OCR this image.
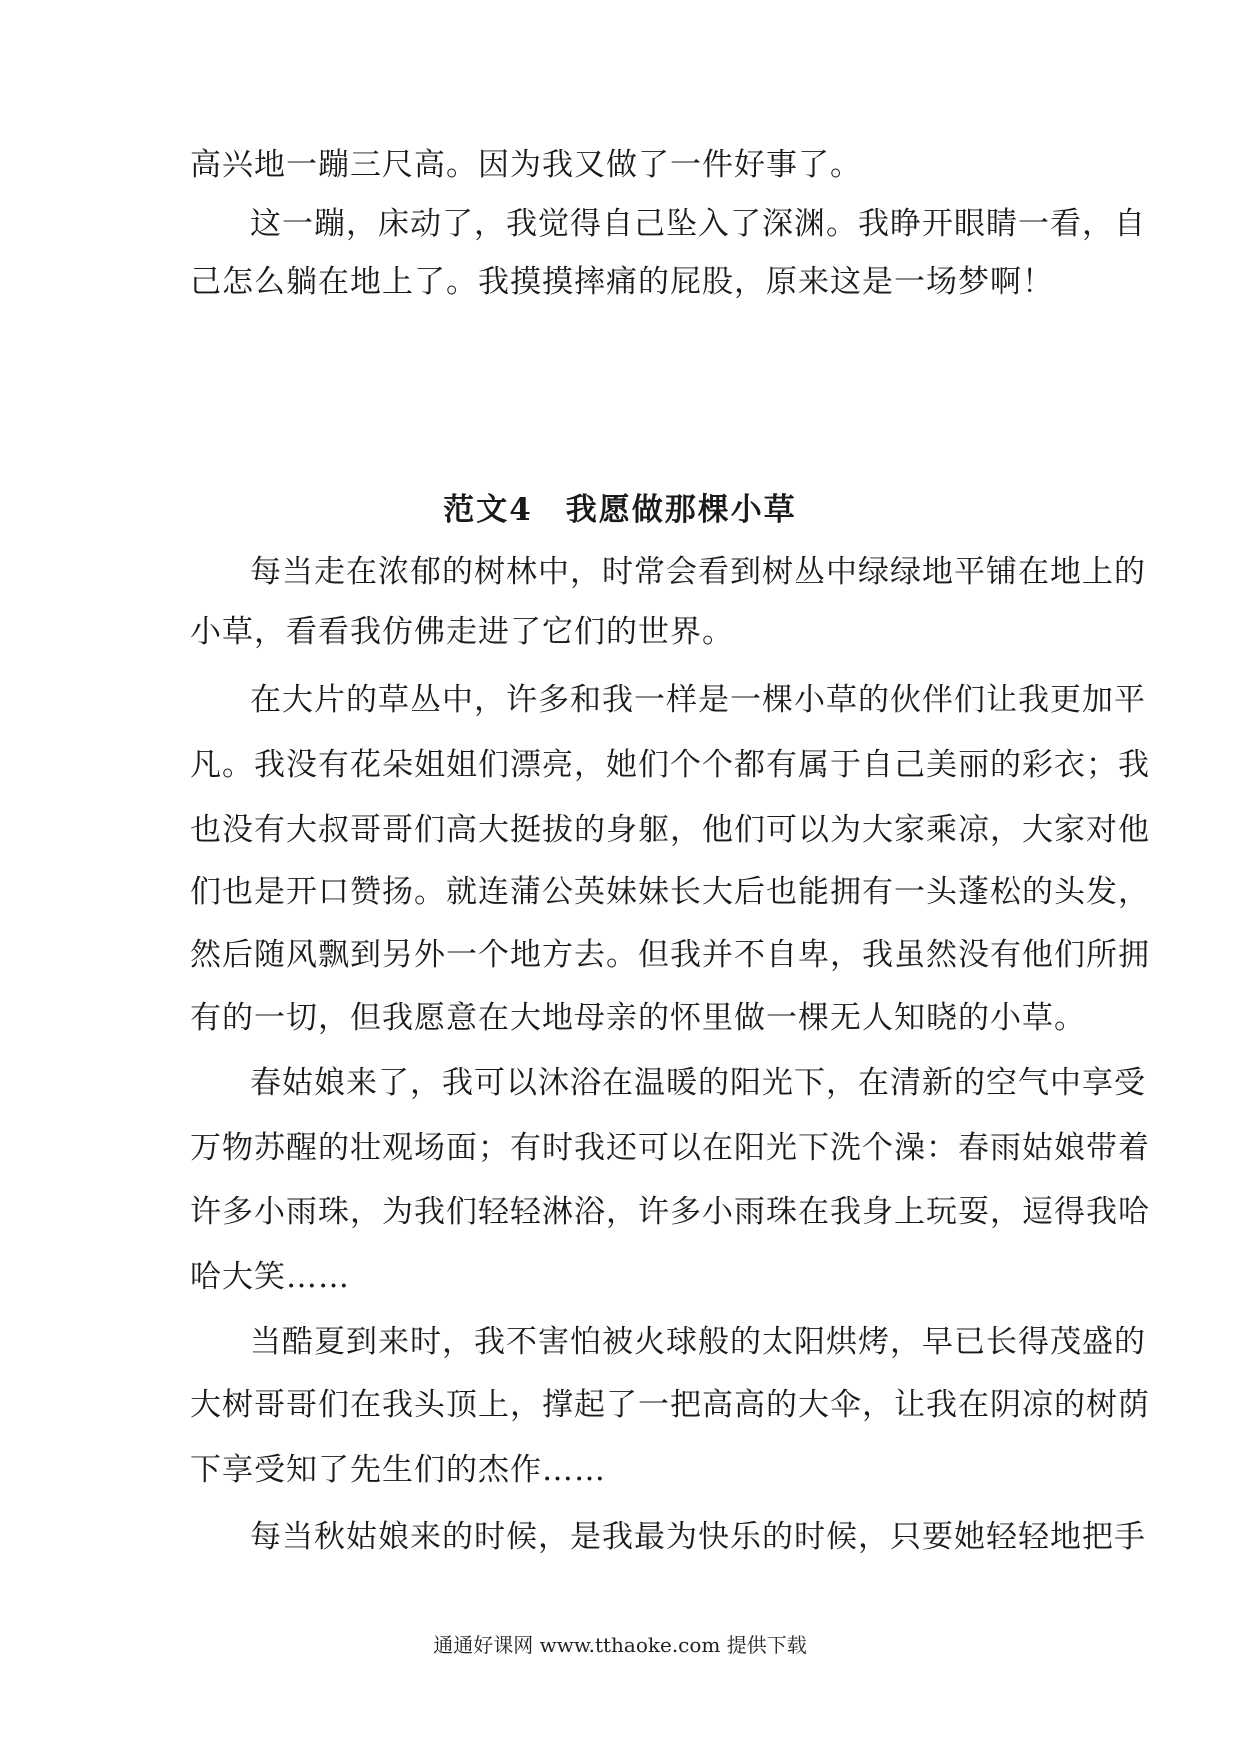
高兴地一蹦三尺高。因为我又做了一件好事了。
这一蹦，床动了，我觉得自己坠入了深渊。我睁开眼睛一看，自
己怎么躺在地上了。我摸摸摔痛的屁股，原来这是一场梦啊！
范文4　我愿做那棵小草
每当走在浓郁的树林中，时常会看到树丛中绿绿地平铺在地上的
小草，看看我仿佛走进了它们的世界。
在大片的草丛中，许多和我一样是一棵小草的伙伴们让我更加平
凡。我没有花朵姐姐们漂亮，她们个个都有属于自己美丽的彩衣；我
也没有大叔哥哥们高大挺拔的身躯，他们可以为大家乘凉，大家对他
们也是开口赞扬。就连蒲公英妹妹长大后也能拥有一头蓬松的头发，
然后随风飘到另外一个地方去。但我并不自卑，我虽然没有他们所拥
有的一切，但我愿意在大地母亲的怀里做一棵无人知晓的小草。
春姑娘来了，我可以沐浴在温暖的阳光下，在清新的空气中享受
万物苏醒的壮观场面；有时我还可以在阳光下洗个澡：春雨姑娘带着
许多小雨珠，为我们轻轻淋浴，许多小雨珠在我身上玩耍，逗得我哈
哈大笑……
当酷夏到来时，我不害怕被火球般的太阳烘烤，早已长得茂盛的
大树哥哥们在我头顶上，撑起了一把高高的大伞，让我在阴凉的树荫
下享受知了先生们的杰作……
每当秋姑娘来的时候，是我最为快乐的时候，只要她轻轻地把手
通通好课网 www.tthaoke.com 提供下载
